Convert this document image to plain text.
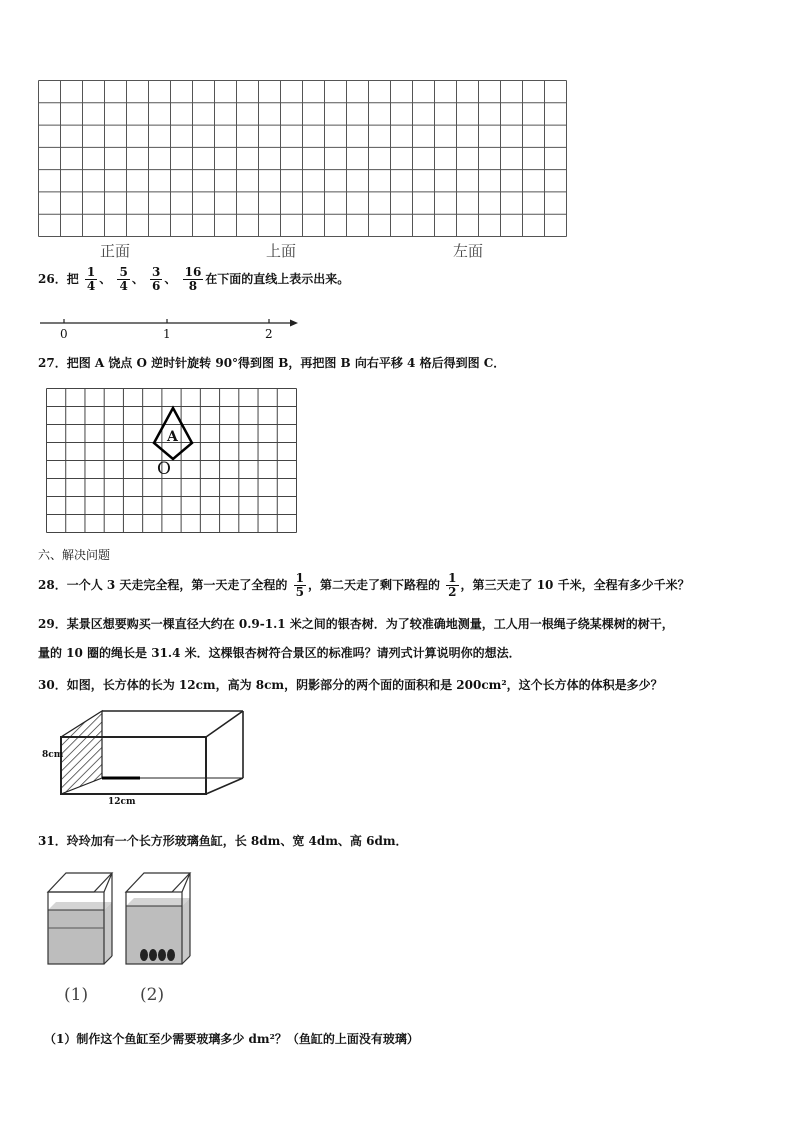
正面	上面	左面
26．把 $\frac{1}{4}$ 、 $\frac{5}{4}$ 、 $\frac{3}{6}$ 、 $\frac{16}{8}$ 在下面的直线上表示出来。
0	1	2
27．把图 A 饶点 O 逆时针旋转 90°得到图 B，再把图 B 向右平移 4 格后得到图 C．
A
O
六、解决问题
28．一个人 3 天走完全程，第一天走了全程的 $\frac{1}{5}$ ，第二天走了剩下路程的 $\frac{1}{2}$ ，第三天走了 10 千米，全程有多少千米？
29．某景区想要购买一棵直径大约在 0.9-1.1 米之间的银杏树．为了较准确地测量，工人用一根绳子绕某棵树的树干，
量的 10 圈的绳长是 31.4 米．这棵银杏树符合景区的标准吗？请列式计算说明你的想法．
30．如图，长方体的长为 12cm，高为 8cm，阴影部分的两个面的面积和是 200cm²，这个长方体的体积是多少？
8cm
12cm
31．玲玲加有一个长方形玻璃鱼缸，长 8dm、宽 4dm、高 6dm．
(1)	(2)
（1）制作这个鱼缸至少需要玻璃多少 dm²？（鱼缸的上面没有玻璃）
